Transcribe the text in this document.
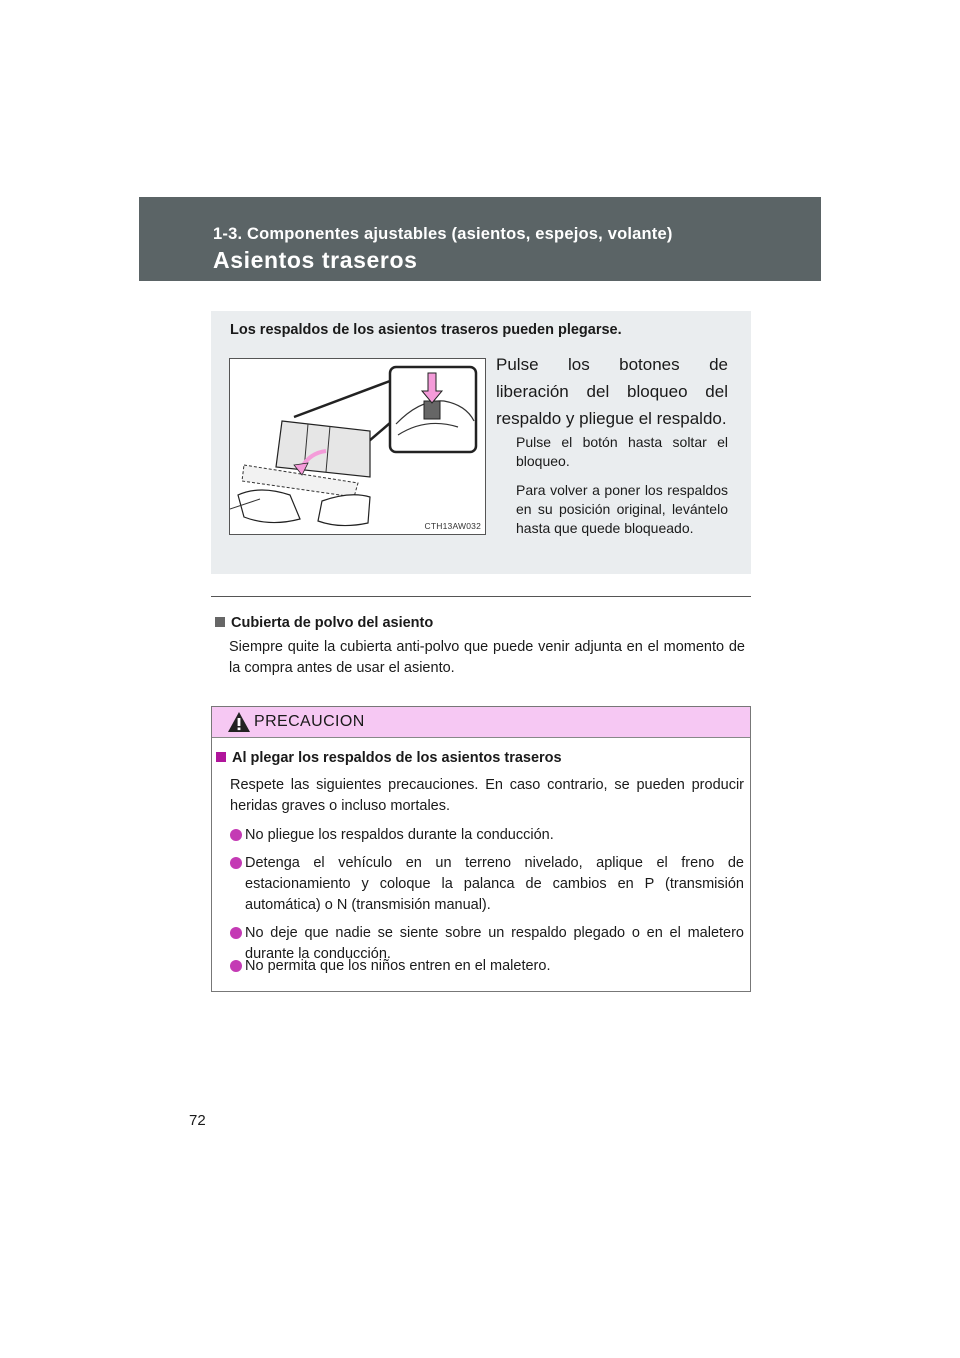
1-3. Componentes ajustables (asientos, espejos, volante)
Asientos traseros
Los respaldos de los asientos traseros pueden plegarse.
CTH13AW032
Pulse los botones de liberación del bloqueo del respaldo y pliegue el respaldo.
Pulse el botón hasta soltar el bloqueo.
Para volver a poner los respaldos en su posición original, levántelo hasta que quede bloqueado.
Cubierta de polvo del asiento
Siempre quite la cubierta anti-polvo que puede venir adjunta en el momento de la compra antes de usar el asiento.
PRECAUCION
Al plegar los respaldos de los asientos traseros
Respete las siguientes precauciones. En caso contrario, se pueden producir heridas graves o incluso mortales.
No pliegue los respaldos durante la conducción.
Detenga el vehículo en un terreno nivelado, aplique el freno de estacionamiento y coloque la palanca de cambios en P (transmisión automática) o N (transmisión manual).
No deje que nadie se siente sobre un respaldo plegado o en el maletero durante la conducción.
No permita que los niños entren en el maletero.
72
